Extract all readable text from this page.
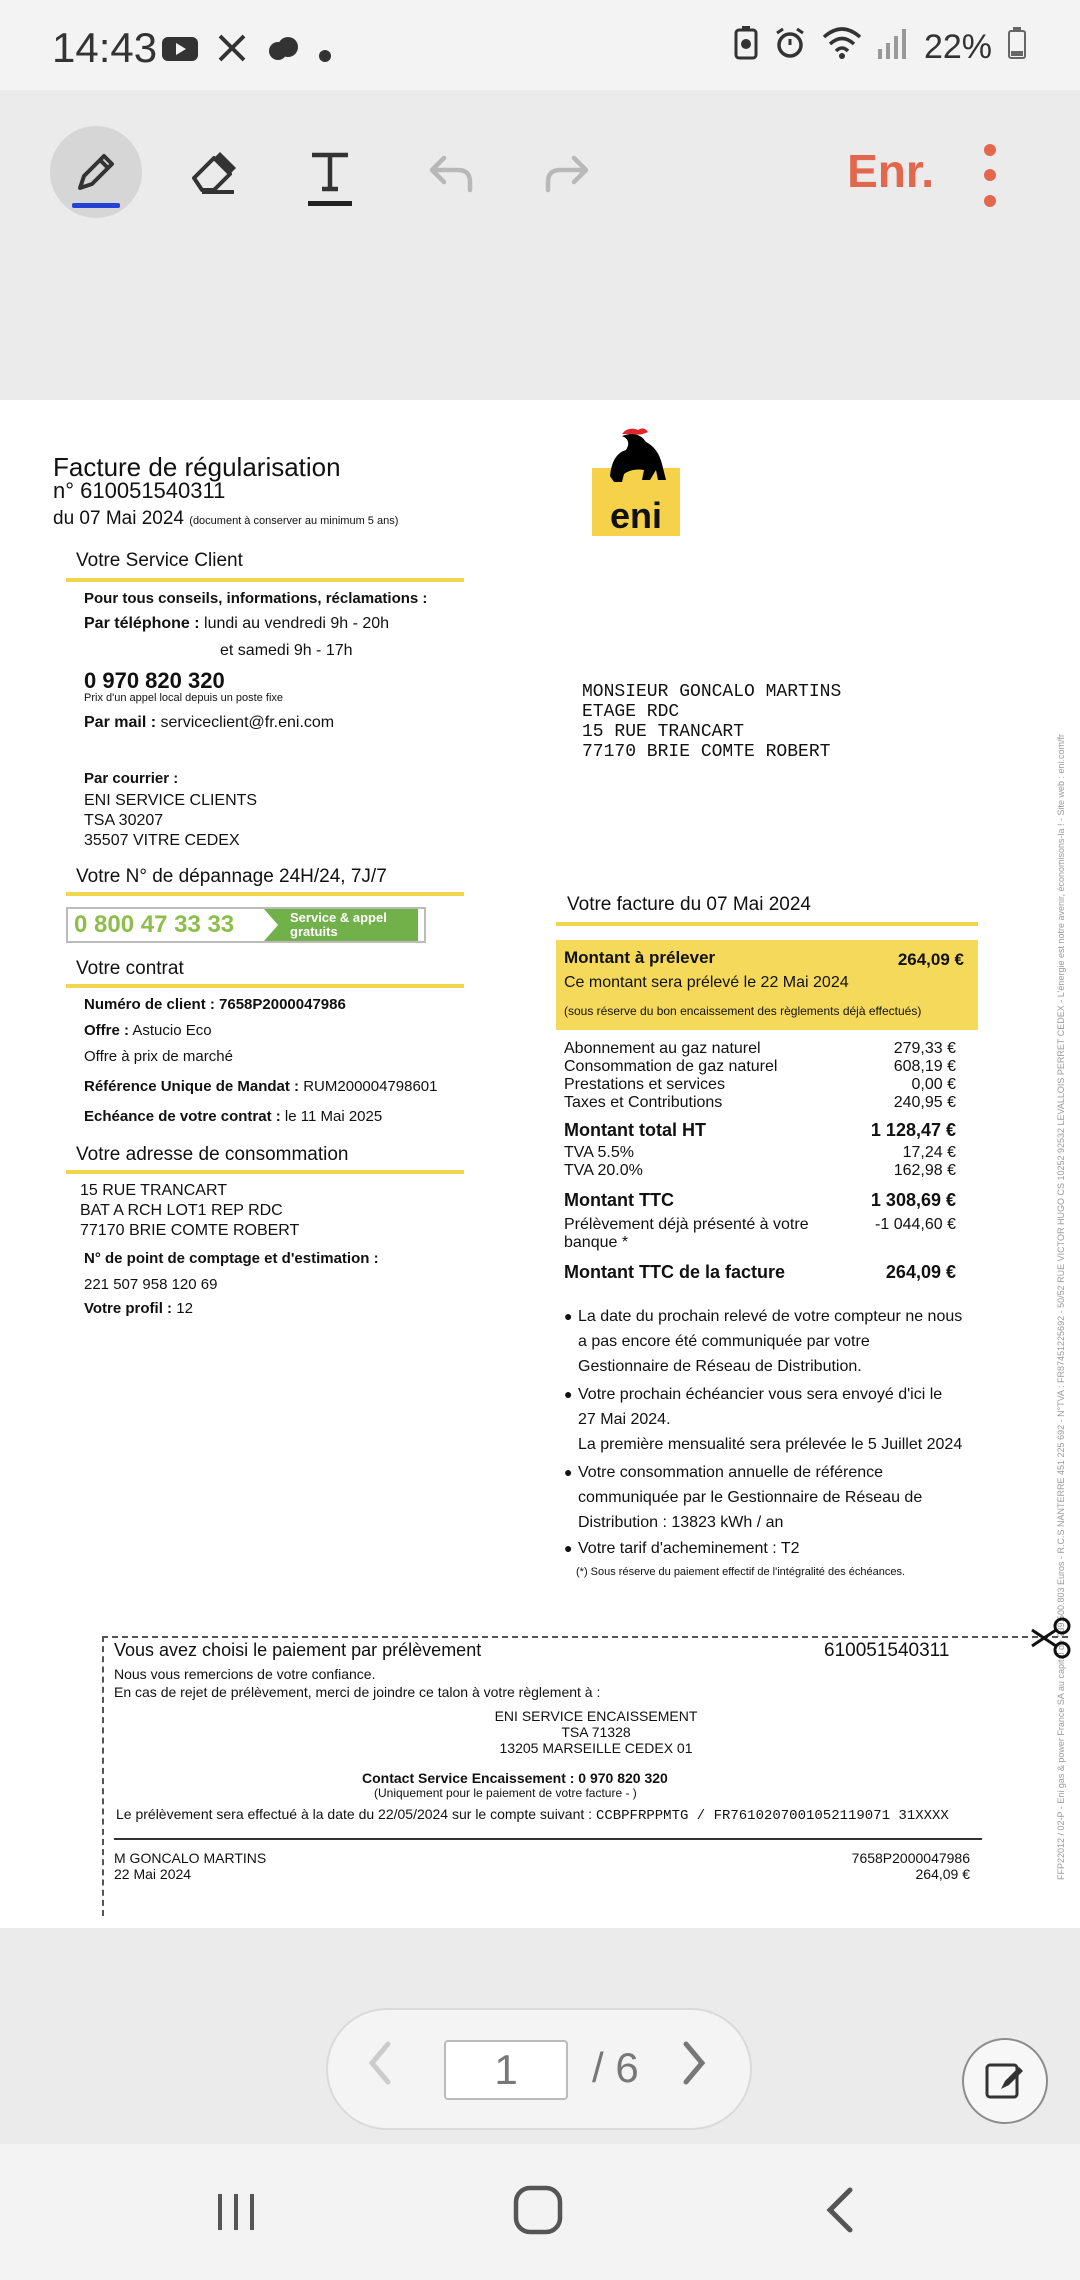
14:43	22%
Enr.
Facture de régularisation
n° 610051540311
du 07 Mai 2024 (document à conserver au minimum 5 ans)	eni
Votre Service Client
Pour tous conseils, informations, réclamations :
Par téléphone : lundi au vendredi 9h - 20h
et samedi 9h - 17h
0 970 820 320
Prix d'un appel local depuis un poste fixe
Par mail : serviceclient@fr.eni.com
Par courrier :
ENI SERVICE CLIENTS
TSA 30207
35507 VITRE CEDEX
Votre N° de dépannage 24H/24, 7J/7
0 800 47 33 33	Service & appel
gratuits
Votre contrat
Numéro de client : 7658P2000047986
Offre : Astucio Eco
Offre à prix de marché
Référence Unique de Mandat : RUM200004798601
Echéance de votre contrat : le 11 Mai 2025
Votre adresse de consommation
15 RUE TRANCART
BAT A RCH LOT1 REP RDC
77170 BRIE COMTE ROBERT
N° de point de comptage et d'estimation :
221 507 958 120 69
Votre profil : 12
MONSIEUR GONCALO MARTINS
ETAGE RDC
15 RUE TRANCART
77170 BRIE COMTE ROBERT
Votre facture du 07 Mai 2024
Montant à prélever	264,09 €
Ce montant sera prélevé le 22 Mai 2024
(sous réserve du bon encaissement des règlements déjà effectués)
Abonnement au gaz naturel	279,33 €
Consommation de gaz naturel	608,19 €
Prestations et services	0,00 €
Taxes et Contributions	240,95 €
Montant total HT	1 128,47 €
TVA 5.5%	17,24 €
TVA 20.0%	162,98 €
Montant TTC	1 308,69 €
Prélèvement déjà présenté à votre
banque *
-1 044,60 €
Montant TTC de la facture	264,09 €
● La date du prochain relevé de votre compteur ne nous
a pas encore été communiquée par votre
Gestionnaire de Réseau de Distribution.
● Votre prochain échéancier vous sera envoyé d'ici le
27 Mai 2024.
La première mensualité sera prélevée le 5 Juillet 2024
● Votre consommation annuelle de référence
communiquée par le Gestionnaire de Réseau de
Distribution : 13823 kWh / an
● Votre tarif d'acheminement : T2
(*) Sous réserve du paiement effectif de l'intégralité des échéances.	FFP22012 / 02-P - Eni gas & power France SA au capital de 239.500.803 Euros - R.C.S NANTERRE 451 225 692 - N°TVA : FR87451225692 - 50/52 RUE VICTOR HUGO CS 10252 92532 LEVALLOIS PERRET CEDEX - L'énergie est notre avenir, économisons-la ! - Site web : eni.com/fr
Vous avez choisi le paiement par prélèvement	610051540311
Nous vous remercions de votre confiance.
En cas de rejet de prélèvement, merci de joindre ce talon à votre règlement à :
ENI SERVICE ENCAISSEMENT
TSA 71328
13205 MARSEILLE CEDEX 01
Contact Service Encaissement : 0 970 820 320
(Uniquement pour le paiement de votre facture - )
Le prélèvement sera effectué à la date du 22/05/2024 sur le compte suivant : CCBPFRPPMTG / FR7610207001052119071 31XXXX
M GONCALO MARTINS
22 Mai 2024
7658P2000047986
264,09 €
1	/ 6
